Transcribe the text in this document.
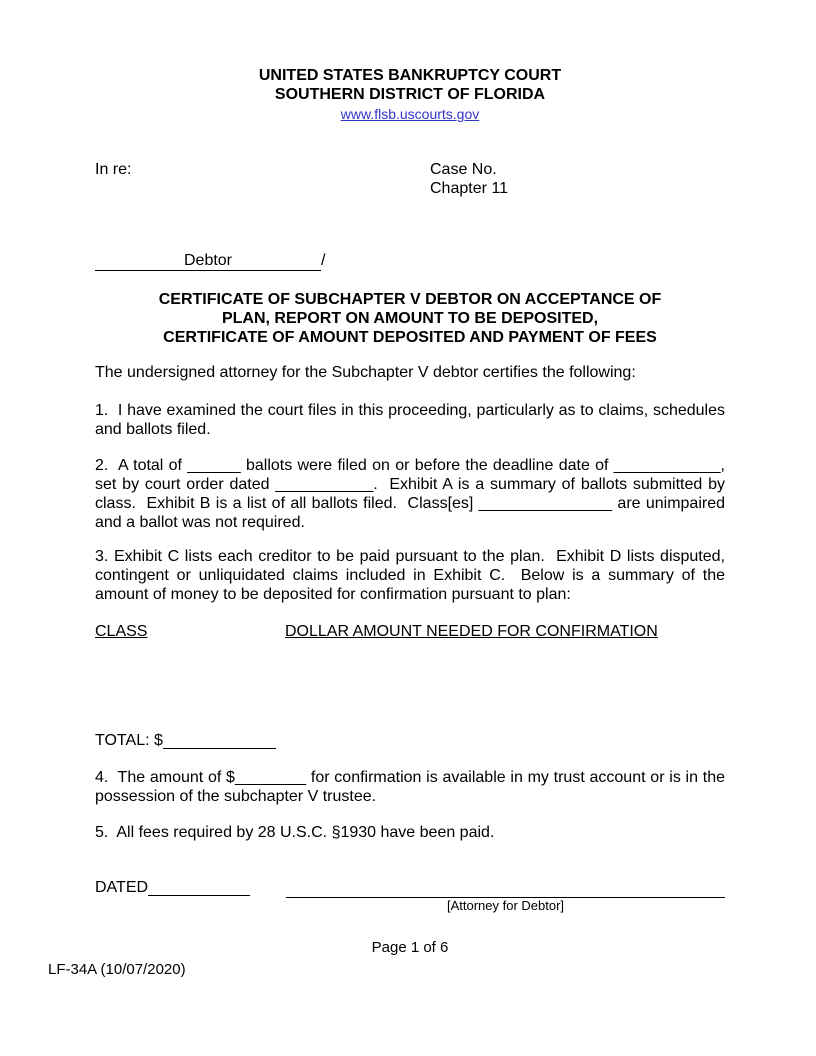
UNITED STATES BANKRUPTCY COURT
SOUTHERN DISTRICT OF FLORIDA
www.flsb.uscourts.gov
In re:	Case No.
Chapter 11
Debtor	/
CERTIFICATE OF SUBCHAPTER V DEBTOR ON ACCEPTANCE OF
PLAN, REPORT ON AMOUNT TO BE DEPOSITED,
CERTIFICATE OF AMOUNT DEPOSITED AND PAYMENT OF FEES

The undersigned attorney for the Subchapter V debtor certifies the following:

1.  I have examined the court files in this proceeding, particularly as to claims, schedules and ballots filed.

2.  A total of ______ ballots were filed on or before the deadline date of ____________, set by court order dated ___________.  Exhibit A is a summary of ballots submitted by class.  Exhibit B is a list of all ballots filed.  Class[es] _______________ are unimpaired and a ballot was not required.

3. Exhibit C lists each creditor to be paid pursuant to the plan.  Exhibit D lists disputed, contingent or unliquidated claims included in Exhibit C.  Below is a summary of the amount of money to be deposited for confirmation pursuant to plan:

CLASS	DOLLAR AMOUNT NEEDED FOR CONFIRMATION
TOTAL: $

4.  The amount of $________ for confirmation is available in my trust account or is in the possession of the subchapter V trustee.

5.  All fees required by 28 U.S.C. §1930 have been paid.

DATED
[Attorney for Debtor]
Page 1 of 6
LF-34A (10/07/2020)
